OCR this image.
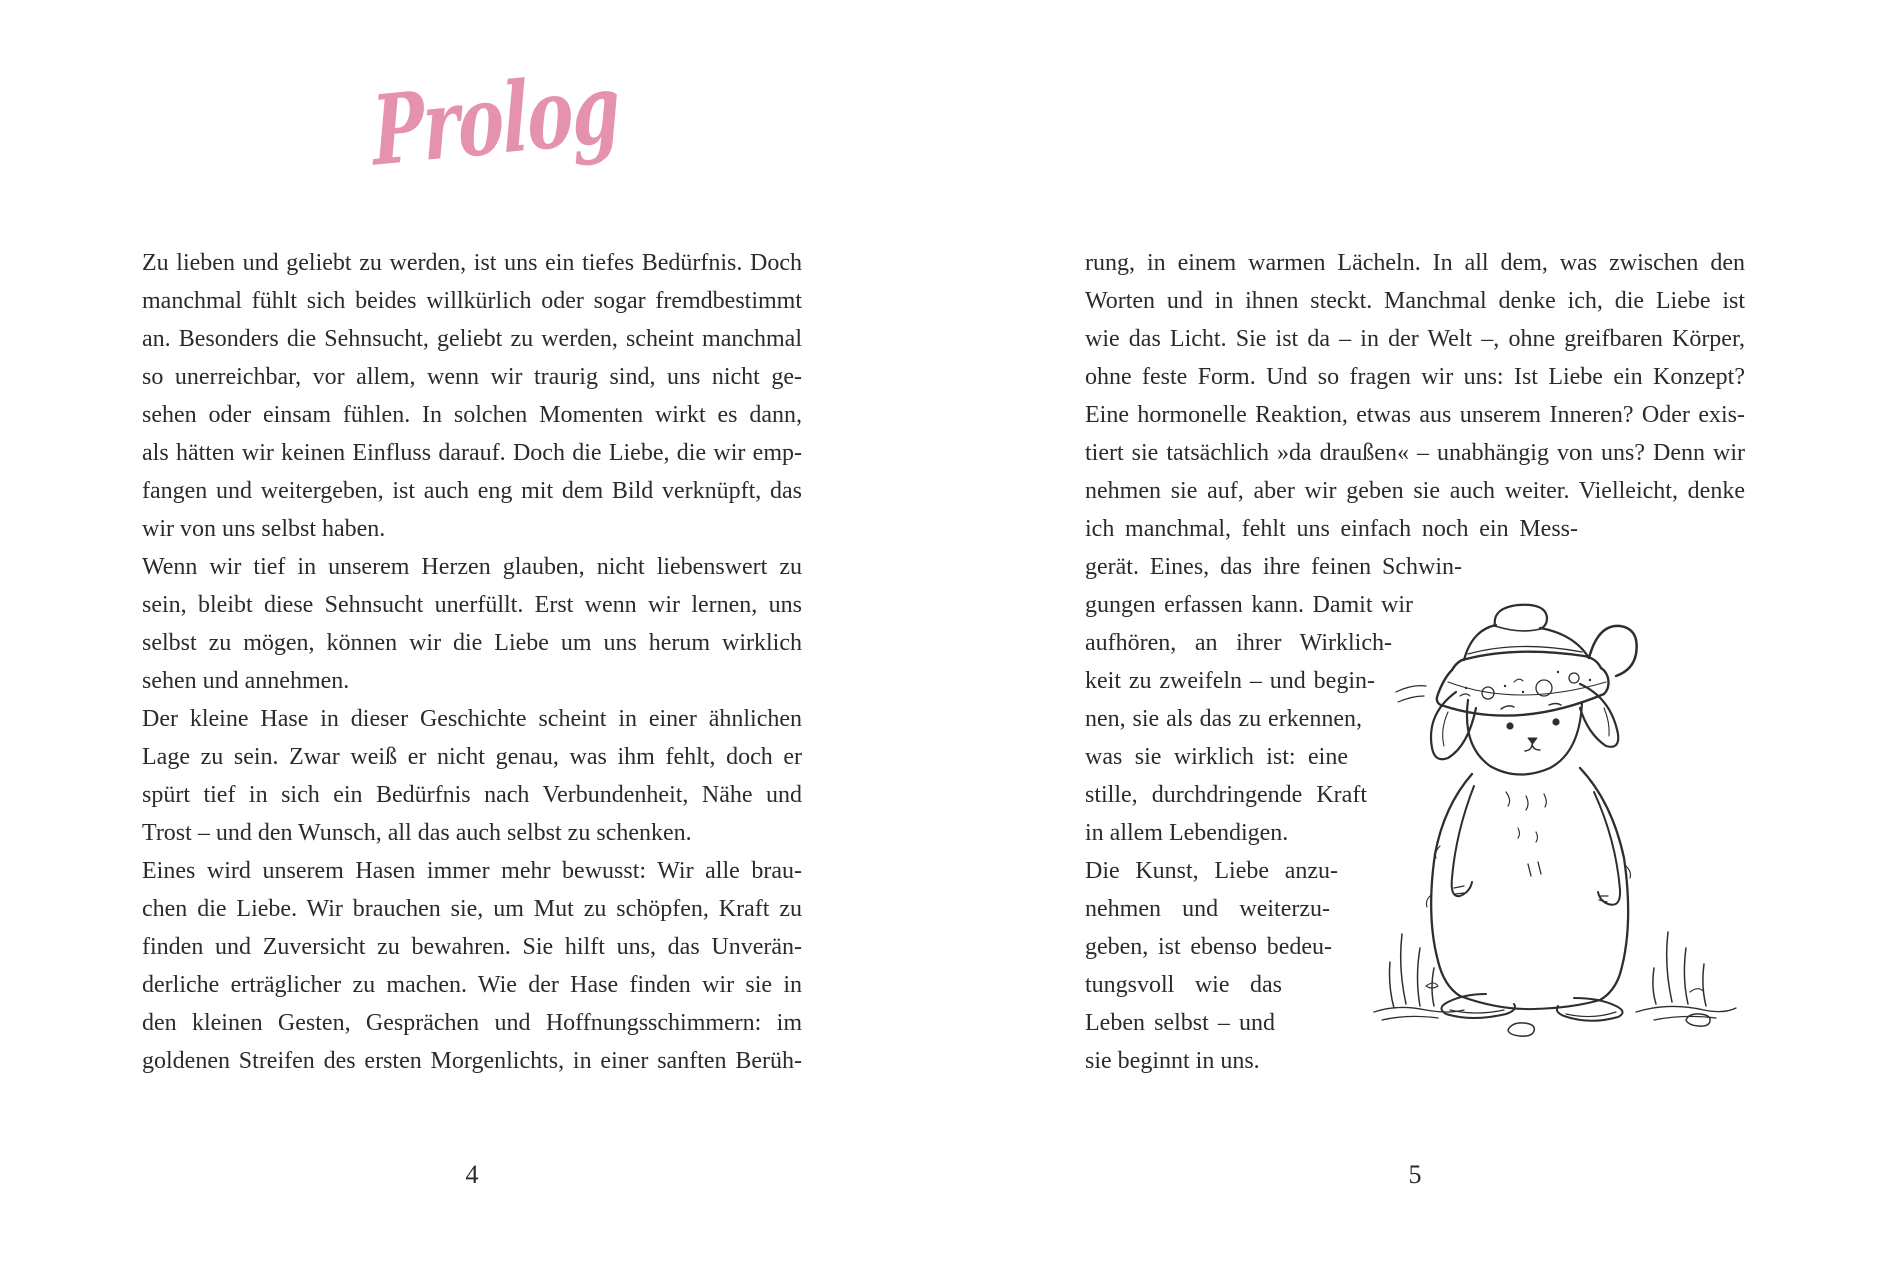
Prolog
Zu lieben und geliebt zu werden, ist uns ein tiefes Bedürfnis. Doch
manchmal fühlt sich beides willkürlich oder sogar fremdbestimmt
an. Besonders die Sehnsucht, geliebt zu werden, scheint manchmal
so unerreichbar, vor allem, wenn wir traurig sind, uns nicht ge-
sehen oder einsam fühlen. In solchen Momenten wirkt es dann,
als hätten wir keinen Einfluss darauf. Doch die Liebe, die wir emp-
fangen und weitergeben, ist auch eng mit dem Bild verknüpft, das
wir von uns selbst haben.
Wenn wir tief in unserem Herzen glauben, nicht liebenswert zu
sein, bleibt diese Sehnsucht unerfüllt. Erst wenn wir lernen, uns
selbst zu mögen, können wir die Liebe um uns herum wirklich
sehen und annehmen.
Der kleine Hase in dieser Geschichte scheint in einer ähnlichen
Lage zu sein. Zwar weiß er nicht genau, was ihm fehlt, doch er
spürt tief in sich ein Bedürfnis nach Verbundenheit, Nähe und
Trost – und den Wunsch, all das auch selbst zu schenken.
Eines wird unserem Hasen immer mehr bewusst: Wir alle brau-
chen die Liebe. Wir brauchen sie, um Mut zu schöpfen, Kraft zu
finden und Zuversicht zu bewahren. Sie hilft uns, das Unverän-
derliche erträglicher zu machen. Wie der Hase finden wir sie in
den kleinen Gesten, Gesprächen und Hoffnungsschimmern: im
goldenen Streifen des ersten Morgenlichts, in einer sanften Berüh-
rung, in einem warmen Lächeln. In all dem, was zwischen den
Worten und in ihnen steckt. Manchmal denke ich, die Liebe ist
wie das Licht. Sie ist da – in der Welt –, ohne greifbaren Körper,
ohne feste Form. Und so fragen wir uns: Ist Liebe ein Konzept?
Eine hormonelle Reaktion, etwas aus unserem Inneren? Oder exis-
tiert sie tatsächlich »da draußen« – unabhängig von uns? Denn wir
nehmen sie auf, aber wir geben sie auch weiter. Vielleicht, denke
ich manchmal, fehlt uns einfach noch ein Mess-
gerät. Eines, das ihre feinen Schwin-
gungen erfassen kann. Damit wir
aufhören, an ihrer Wirklich-
keit zu zweifeln – und begin-
nen, sie als das zu erkennen,
was sie wirklich ist: eine
stille, durchdringende Kraft
in allem Lebendigen.
Die Kunst, Liebe anzu-
nehmen und weiterzu-
geben, ist ebenso bedeu-
tungsvoll wie das
Leben selbst – und
sie beginnt in uns.
4	5
